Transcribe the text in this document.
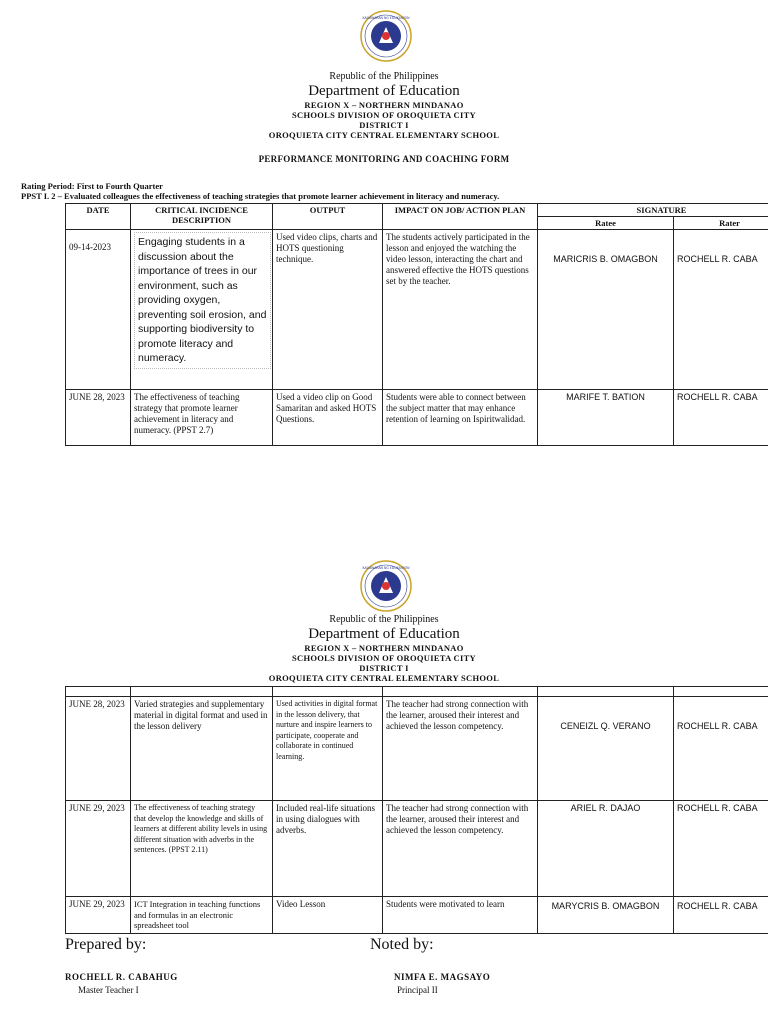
KAGAWARAN NG EDUKASYON
Republic of the Philippines
Department of Education
REGION X – NORTHERN MINDANAO
SCHOOLS DIVISION OF OROQUIETA CITY
DISTRICT I
OROQUIETA CITY CENTRAL ELEMENTARY SCHOOL
PERFORMANCE MONITORING AND COACHING FORM
Rating Period: First to Fourth Quarter
PPST I. 2 – Evaluated colleagues the effectiveness of teaching strategies that promote learner achievement in literacy and numeracy.
DATE	CRITICAL INCIDENCE DESCRIPTION	OUTPUT	IMPACT ON JOB/ ACTION PLAN	SIGNATURE	
				Ratee	Rater
09-14-2023	Engaging students in a discussion about the importance of trees in our environment, such as providing oxygen, preventing soil erosion, and supporting biodiversity to promote literacy and numeracy.	Used video clips, charts and HOTS questioning technique.	The students actively participated in the lesson and enjoyed the watching the video lesson, interacting the chart and answered effective the HOTS questions set by the teacher.	MARICRIS B. OMAGBON	ROCHELL R. CABA
JUNE 28, 2023	The effectiveness of teaching strategy that promote learner achievement in literacy and numeracy. (PPST 2.7)	Used a video clip on Good Samaritan and asked HOTS Questions.	Students were able to connect between the subject matter that may enhance retention of learning on Ispiritwalidad.	MARIFE T. BATION	ROCHELL R. CABA
KAGAWARAN NG EDUKASYON
Republic of the Philippines
Department of Education
REGION X – NORTHERN MINDANAO
SCHOOLS DIVISION OF OROQUIETA CITY
DISTRICT I
OROQUIETA CITY CENTRAL ELEMENTARY SCHOOL

JUNE 28, 2023	Varied strategies and supplementary material in digital format and used in the lesson delivery	Used activities in digital format in the lesson delivery, that nurture and inspire learners to participate, cooperate and collaborate in continued learning.	The teacher had strong connection with the learner, aroused their interest and achieved the lesson competency.	CENEIZL Q. VERANO	ROCHELL R. CABA
JUNE 29, 2023	The effectiveness of teaching strategy that develop the knowledge and skills of learners at different ability levels in using different situation with adverbs in the sentences. (PPST 2.11)	Included real-life situations in using dialogues with adverbs.	The teacher had strong connection with the learner, aroused their interest and achieved the lesson competency.	ARIEL R. DAJAO	ROCHELL R. CABA
JUNE 29, 2023	ICT Integration in teaching functions and formulas in an electronic spreadsheet tool	Video Lesson	Students were motivated to learn	MARYCRIS B. OMAGBON	ROCHELL R. CABA
Prepared by:	Noted by:
ROCHELL R. CABAHUG
Master Teacher I
NIMFA E. MAGSAYO
Principal II
